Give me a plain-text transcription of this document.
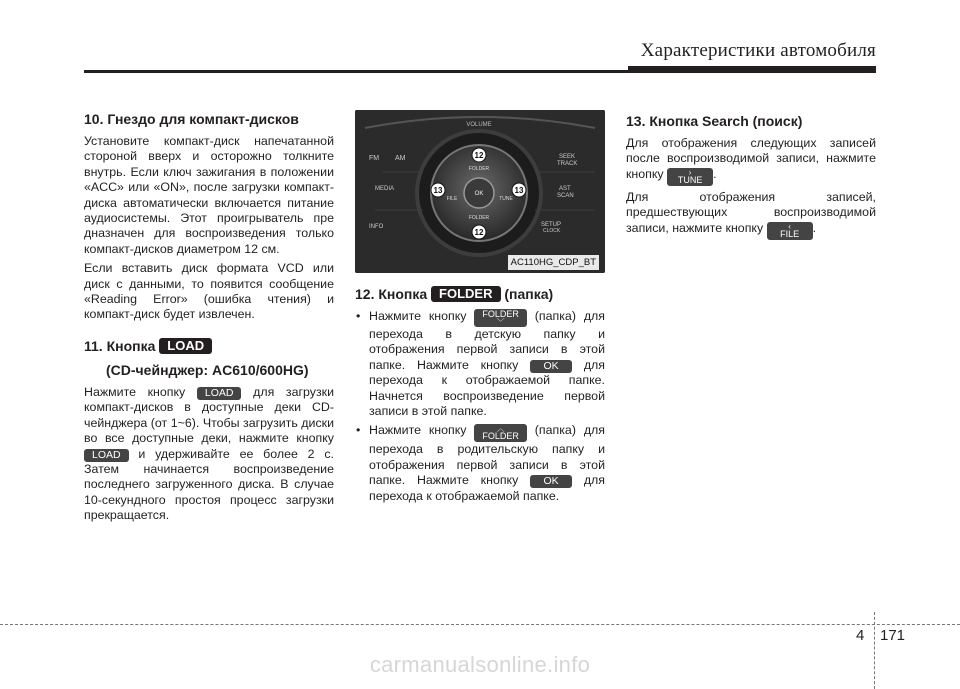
Характеристики автомобиля
10. Гнездо для компакт-дисков

Установите компакт-диск напечатанной стороной вверх и осторожно толкните внутрь. Если ключ зажигания в положении «ACC» или «ON», после загрузки компакт-диска автоматически включается питание аудиосистемы. Этот проигрыватель пре дназначен для воспроизведения только компакт-дисков диаметром 12 см.

Если вставить диск формата VCD или диск с данными, то появится сообщение «Reading Error» (ошибка чтения) и компакт-диск будет извлечен.

11. Кнопка LOAD
(CD-чейнджер: AC610/600HG)

Нажмите кнопку LOAD для загрузки компакт-дисков в доступные деки CD-чейнджера (от 1~6). Чтобы загрузить диски во все доступные деки, нажмите кнопку LOAD и удерживайте ее более 2 с. Затем начинается воспроизведение последнего загруженного диска. В случае 10-секундного простоя процесс загрузки прекращается.

VOLUME
FM AM
MEDIA
INFO
SEEK
TRACK
AST
SCAN
SETUP
CLOCK
FOLDER
FOLDER
OK
FILE	TUNE
12
12
13	13
AC110HG_CDP_BT
12. Кнопка FOLDER (папка)
• Нажмите кнопку FOLDER
﹀	(папка) для перехода в детскую папку и отображения первой записи в этой папке. Нажмите кнопку OK для перехода к отображаемой папке. Начнется воспроизведение первой записи в этой папке.
• Нажмите кнопку	︿
FOLDER (папка) для перехода в родительскую папку и отображения первой записи в этой папке. Нажмите кнопку OK для перехода к отображаемой папке.
13. Кнопка Search (поиск)

Для отображения следующих записей после воспроизводимой записи, нажмите кнопку	›
TUNE .

Для отображения записей, предшествующих воспроизводимой записи, нажмите кнопку	‹
FILE .

4 171
carmanualsonline.info
